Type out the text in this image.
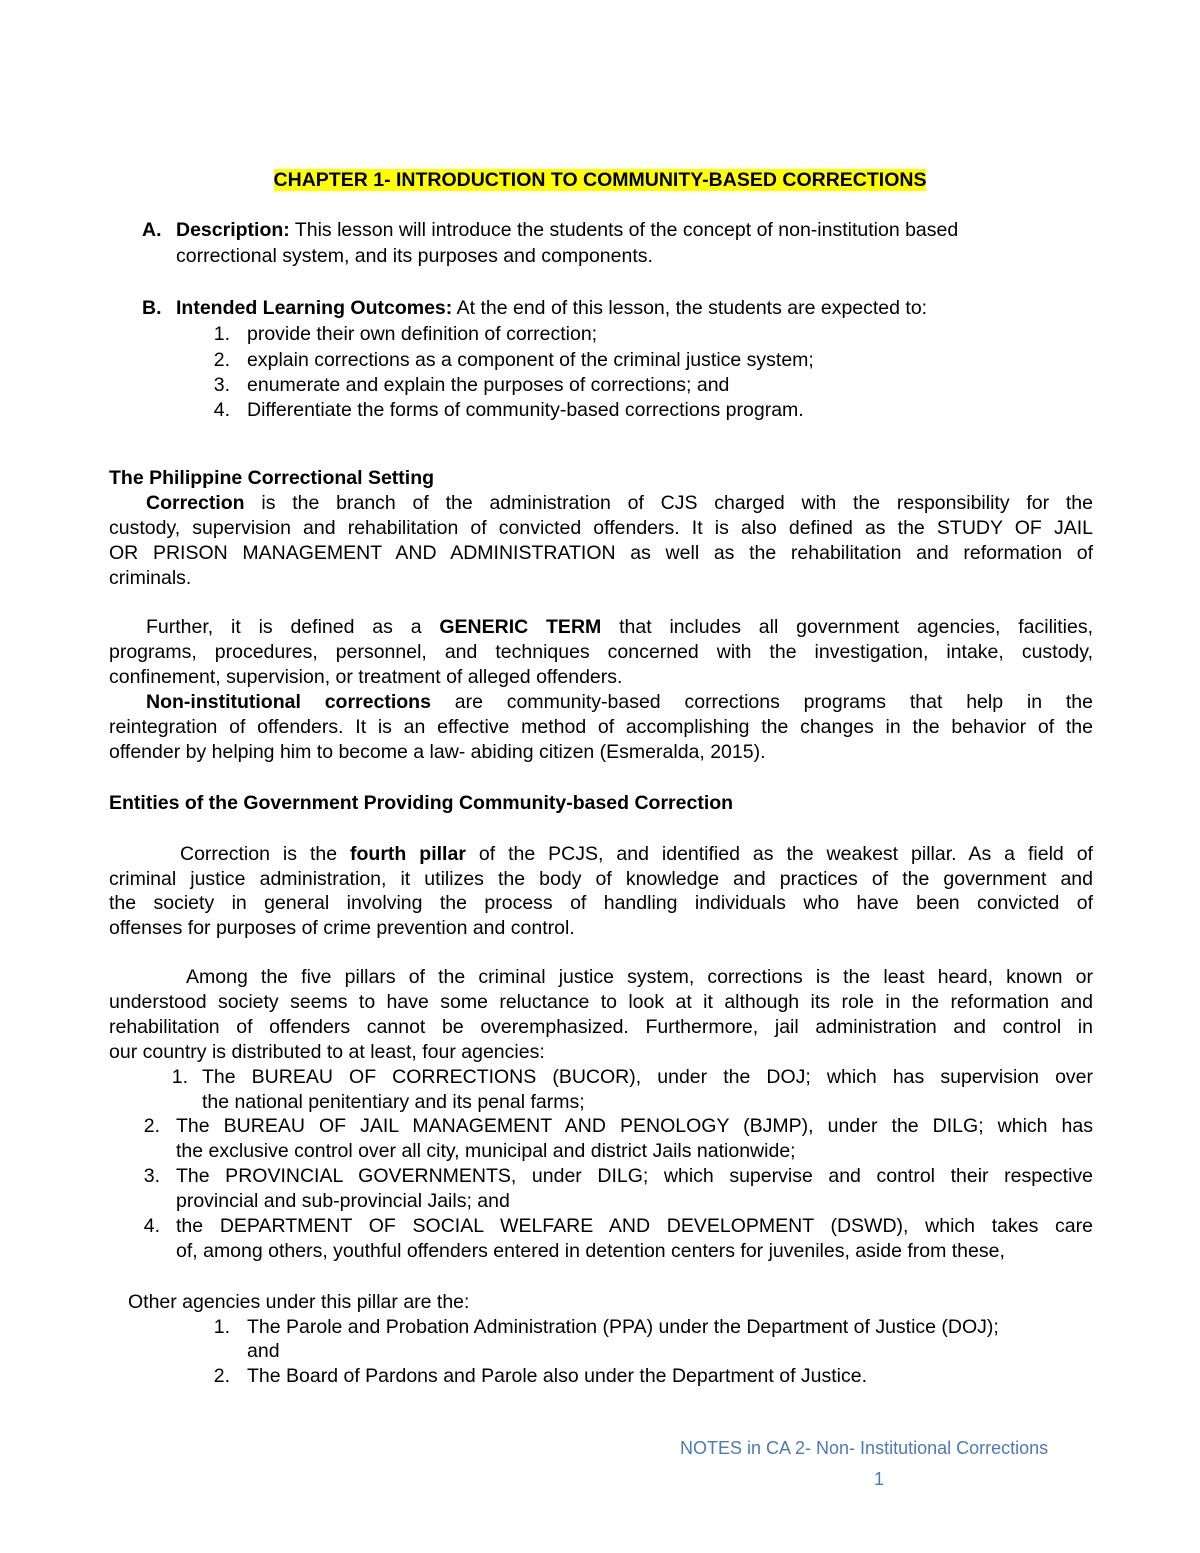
CHAPTER 1- INTRODUCTION TO COMMUNITY-BASED CORRECTIONS
A. Description: This lesson will introduce the students of the concept of non-institution based
correctional system, and its purposes and components.
B. Intended Learning Outcomes: At the end of this lesson, the students are expected to:
1. provide their own definition of correction;
2. explain corrections as a component of the criminal justice system;
3. enumerate and explain the purposes of corrections; and
4. Differentiate the forms of community-based corrections program.
The Philippine Correctional Setting
Correction is the branch of the administration of CJS charged with the responsibility for the
custody, supervision and rehabilitation of convicted offenders. It is also defined as the STUDY OF JAIL
OR PRISON MANAGEMENT AND ADMINISTRATION as well as the rehabilitation and reformation of
criminals.
Further, it is defined as a GENERIC TERM that includes all government agencies, facilities,
programs, procedures, personnel, and techniques concerned with the investigation, intake, custody,
confinement, supervision, or treatment of alleged offenders.
Non-institutional corrections are community-based corrections programs that help in the
reintegration of offenders. It is an effective method of accomplishing the changes in the behavior of the
offender by helping him to become a law- abiding citizen (Esmeralda, 2015).
Entities of the Government Providing Community-based Correction
Correction is the fourth pillar of the PCJS, and identified as the weakest pillar. As a field of
criminal justice administration, it utilizes the body of knowledge and practices of the government and
the society in general involving the process of handling individuals who have been convicted of
offenses for purposes of crime prevention and control.
Among the five pillars of the criminal justice system, corrections is the least heard, known or
understood society seems to have some reluctance to look at it although its role in the reformation and
rehabilitation of offenders cannot be overemphasized. Furthermore, jail administration and control in
our country is distributed to at least, four agencies:
1. The BUREAU OF CORRECTIONS (BUCOR), under the DOJ; which has supervision over
the national penitentiary and its penal farms;
2. The BUREAU OF JAIL MANAGEMENT AND PENOLOGY (BJMP), under the DILG; which has
the exclusive control over all city, municipal and district Jails nationwide;
3. The PROVINCIAL GOVERNMENTS, under DILG; which supervise and control their respective
provincial and sub-provincial Jails; and
4. the DEPARTMENT OF SOCIAL WELFARE AND DEVELOPMENT (DSWD), which takes care
of, among others, youthful offenders entered in detention centers for juveniles, aside from these,
Other agencies under this pillar are the:
1. The Parole and Probation Administration (PPA) under the Department of Justice (DOJ);
and
2. The Board of Pardons and Parole also under the Department of Justice.
NOTES in CA 2- Non- Institutional Corrections
1
